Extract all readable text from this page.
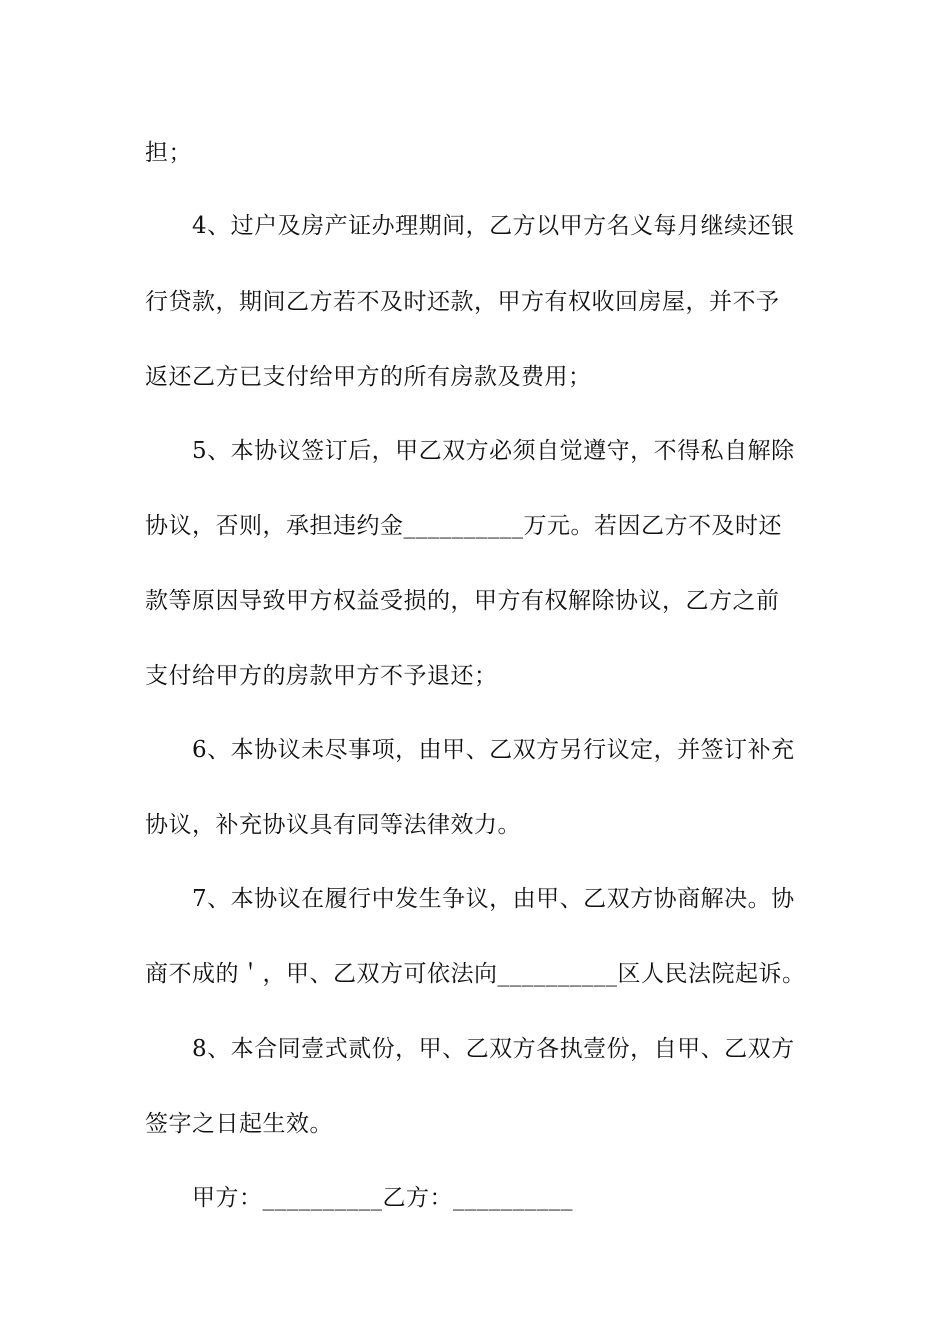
担；
4、过户及房产证办理期间，乙方以甲方名义每月继续还银
行贷款，期间乙方若不及时还款，甲方有权收回房屋，并不予
返还乙方已支付给甲方的所有房款及费用；
5、本协议签订后，甲乙双方必须自觉遵守，不得私自解除
协议，否则，承担违约金__________万元。若因乙方不及时还
款等原因导致甲方权益受损的，甲方有权解除协议，乙方之前
支付给甲方的房款甲方不予退还；
6、本协议未尽事项，由甲、乙双方另行议定，并签订补充
协议，补充协议具有同等法律效力。
7、本协议在履行中发生争议，由甲、乙双方协商解决。协
商不成的＇，甲、乙双方可依法向__________区人民法院起诉。
8、本合同壹式贰份，甲、乙双方各执壹份，自甲、乙双方
签字之日起生效。
甲方：__________乙方：__________
